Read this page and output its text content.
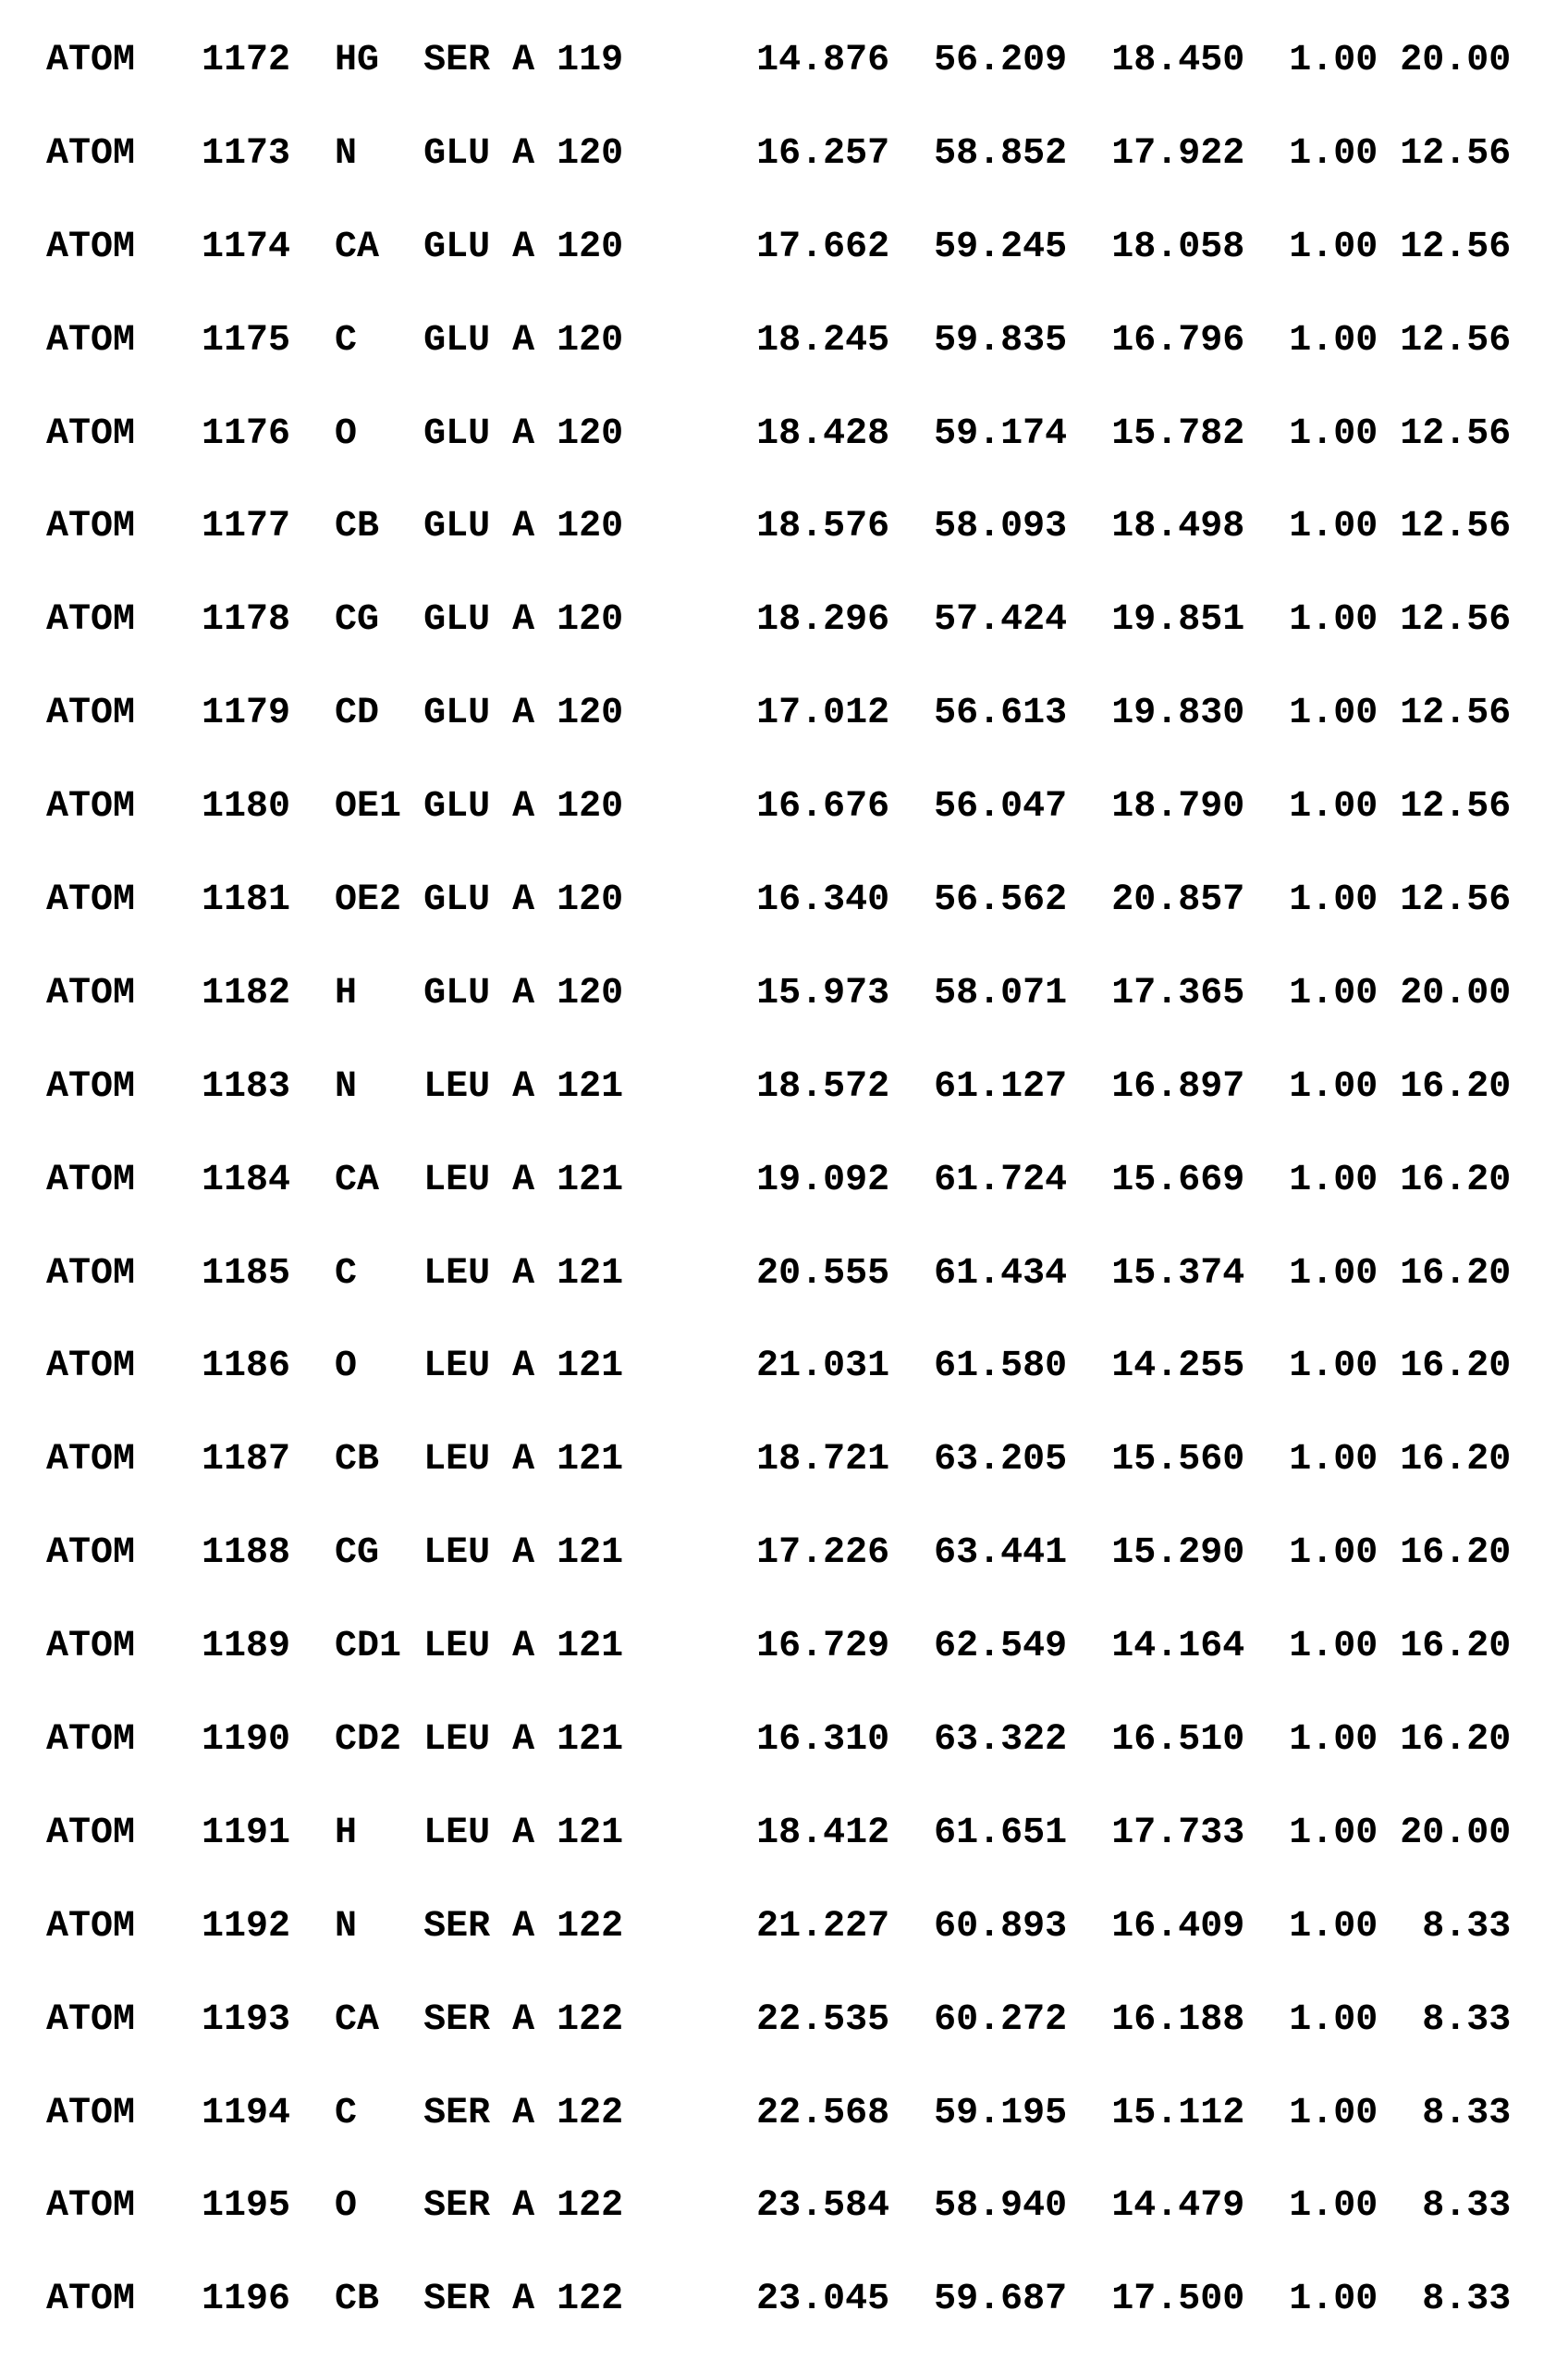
ATOM   1172  HG  SER A 119      14.876  56.209  18.450  1.00 20.00
ATOM   1173  N   GLU A 120      16.257  58.852  17.922  1.00 12.56
ATOM   1174  CA  GLU A 120      17.662  59.245  18.058  1.00 12.56
ATOM   1175  C   GLU A 120      18.245  59.835  16.796  1.00 12.56
ATOM   1176  O   GLU A 120      18.428  59.174  15.782  1.00 12.56
ATOM   1177  CB  GLU A 120      18.576  58.093  18.498  1.00 12.56
ATOM   1178  CG  GLU A 120      18.296  57.424  19.851  1.00 12.56
ATOM   1179  CD  GLU A 120      17.012  56.613  19.830  1.00 12.56
ATOM   1180  OE1 GLU A 120      16.676  56.047  18.790  1.00 12.56
ATOM   1181  OE2 GLU A 120      16.340  56.562  20.857  1.00 12.56
ATOM   1182  H   GLU A 120      15.973  58.071  17.365  1.00 20.00
ATOM   1183  N   LEU A 121      18.572  61.127  16.897  1.00 16.20
ATOM   1184  CA  LEU A 121      19.092  61.724  15.669  1.00 16.20
ATOM   1185  C   LEU A 121      20.555  61.434  15.374  1.00 16.20
ATOM   1186  O   LEU A 121      21.031  61.580  14.255  1.00 16.20
ATOM   1187  CB  LEU A 121      18.721  63.205  15.560  1.00 16.20
ATOM   1188  CG  LEU A 121      17.226  63.441  15.290  1.00 16.20
ATOM   1189  CD1 LEU A 121      16.729  62.549  14.164  1.00 16.20
ATOM   1190  CD2 LEU A 121      16.310  63.322  16.510  1.00 16.20
ATOM   1191  H   LEU A 121      18.412  61.651  17.733  1.00 20.00
ATOM   1192  N   SER A 122      21.227  60.893  16.409  1.00  8.33
ATOM   1193  CA  SER A 122      22.535  60.272  16.188  1.00  8.33
ATOM   1194  C   SER A 122      22.568  59.195  15.112  1.00  8.33
ATOM   1195  O   SER A 122      23.584  58.940  14.479  1.00  8.33
ATOM   1196  CB  SER A 122      23.045  59.687  17.500  1.00  8.33
